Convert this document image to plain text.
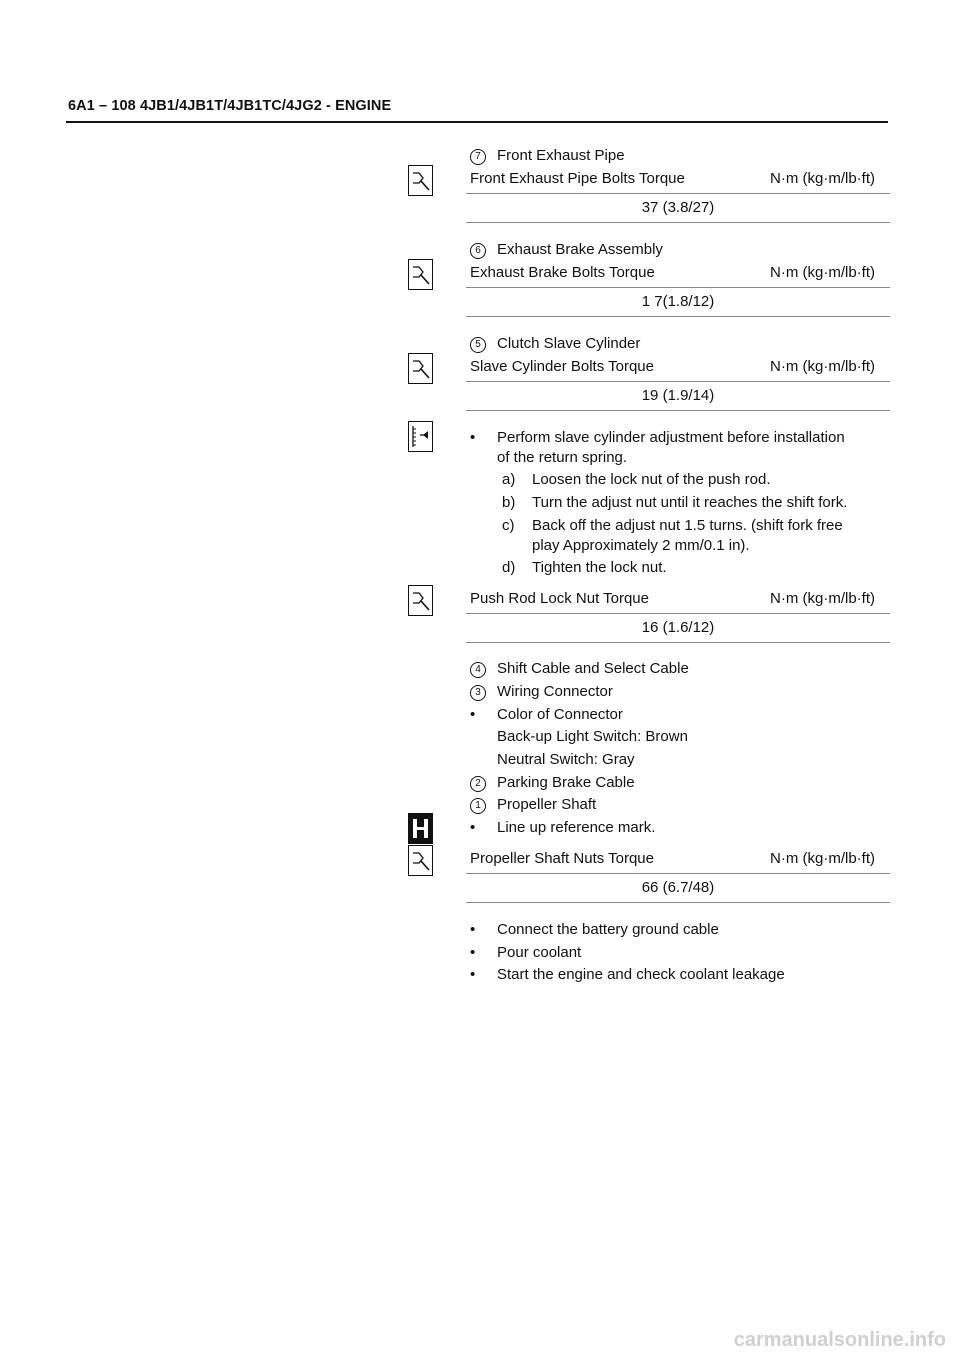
6A1 – 108 4JB1/4JB1T/4JB1TC/4JG2 - ENGINE
7	Front Exhaust Pipe
Front Exhaust Pipe Bolts Torque	N·m (kg·m/lb·ft)
37 (3.8/27)
6	Exhaust Brake Assembly
Exhaust Brake Bolts Torque	N·m (kg·m/lb·ft)
1 7(1.8/12)
5	Clutch Slave Cylinder
Slave Cylinder Bolts Torque	N·m (kg·m/lb·ft)
19 (1.9/14)
• Perform slave cylinder adjustment before installation
of the return spring.
a) Loosen the lock nut of the push rod.
b) Turn the adjust nut until it reaches the shift fork.
c) Back off the adjust nut 1.5 turns. (shift fork free
play Approximately 2 mm/0.1 in).
d) Tighten the lock nut.
Push Rod Lock Nut Torque	N·m (kg·m/lb·ft)
16 (1.6/12)
4	Shift Cable and Select Cable
3	Wiring Connector
• Color of Connector
Back-up Light Switch: Brown
Neutral Switch: Gray
2	Parking Brake Cable
1	Propeller Shaft
• Line up reference mark.
Propeller Shaft Nuts Torque	N·m (kg·m/lb·ft)
66 (6.7/48)
• Connect the battery ground cable
• Pour coolant
• Start the engine and check coolant leakage
carmanualsonline.info
